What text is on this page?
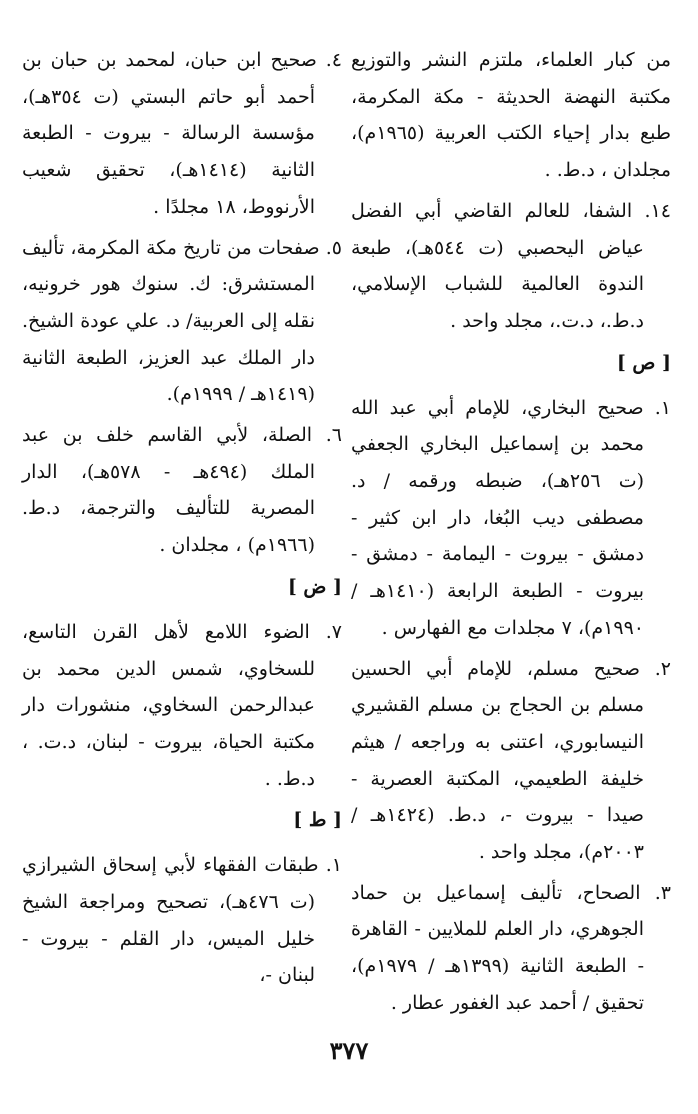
من كبار العلماء، ملتزم النشر والتوزيع مكتبة النهضة الحديثة - مكة المكرمة، طبع بدار إحياء الكتب العربية (١٩٦٥م)، مجلدان ، د.ط. .

١٤. الشفا، للعالم القاضي أبي الفضل عياض اليحصبي (ت ٥٤٤هـ)، طبعة الندوة العالمية للشباب الإسلامي، د.ط.، د.ت.، مجلد واحد .

[ ص ]

١. صحيح البخاري، للإمام أبي عبد الله محمد بن إسماعيل البخاري الجعفي (ت ٢٥٦هـ)، ضبطه ورقمه / د. مصطفى ديب البُغا، دار ابن كثير - دمشق - بيروت - اليمامة - دمشق - بيروت - الطبعة الرابعة (١٤١٠هـ / ١٩٩٠م)، ٧ مجلدات مع الفهارس .

٢. صحيح مسلم، للإمام أبي الحسين مسلم بن الحجاج بن مسلم القشيري النيسابوري، اعتنى به وراجعه / هيثم خليفة الطعيمي، المكتبة العصرية - صيدا - بيروت -، د.ط. (١٤٢٤هـ / ٢٠٠٣م)، مجلد واحد .

٣. الصحاح، تأليف إسماعيل بن حماد الجوهري، دار العلم للملايين - القاهرة - الطبعة الثانية (١٣٩٩هـ / ١٩٧٩م)، تحقيق / أحمد عبد الغفور عطار .

٤. صحيح ابن حبان، لمحمد بن حبان بن أحمد أبو حاتم البستي (ت ٣٥٤هـ)، مؤسسة الرسالة - بيروت - الطبعة الثانية (١٤١٤هـ)، تحقيق شعيب الأرنووط، ١٨ مجلدًا .

٥. صفحات من تاريخ مكة المكرمة، تأليف المستشرق: ك. سنوك هور خرونيه، نقله إلى العربية/ د. علي عودة الشيخ. دار الملك عبد العزيز، الطبعة الثانية (١٤١٩هـ / ١٩٩٩م).

٦. الصلة، لأبي القاسم خلف بن عبد الملك (٤٩٤هـ - ٥٧٨هـ)، الدار المصرية للتأليف والترجمة، د.ط. (١٩٦٦م) ، مجلدان .

[ ض ]

٧. الضوء اللامع لأهل القرن التاسع، للسخاوي، شمس الدين محمد بن عبدالرحمن السخاوي، منشورات دار مكتبة الحياة، بيروت - لبنان، د.ت. ، د.ط. .

[ ط ]

١. طبقات الفقهاء لأبي إسحاق الشيرازي (ت ٤٧٦هـ)، تصحيح ومراجعة الشيخ خليل الميس، دار القلم - بيروت - لبنان -،

٣٧٧
